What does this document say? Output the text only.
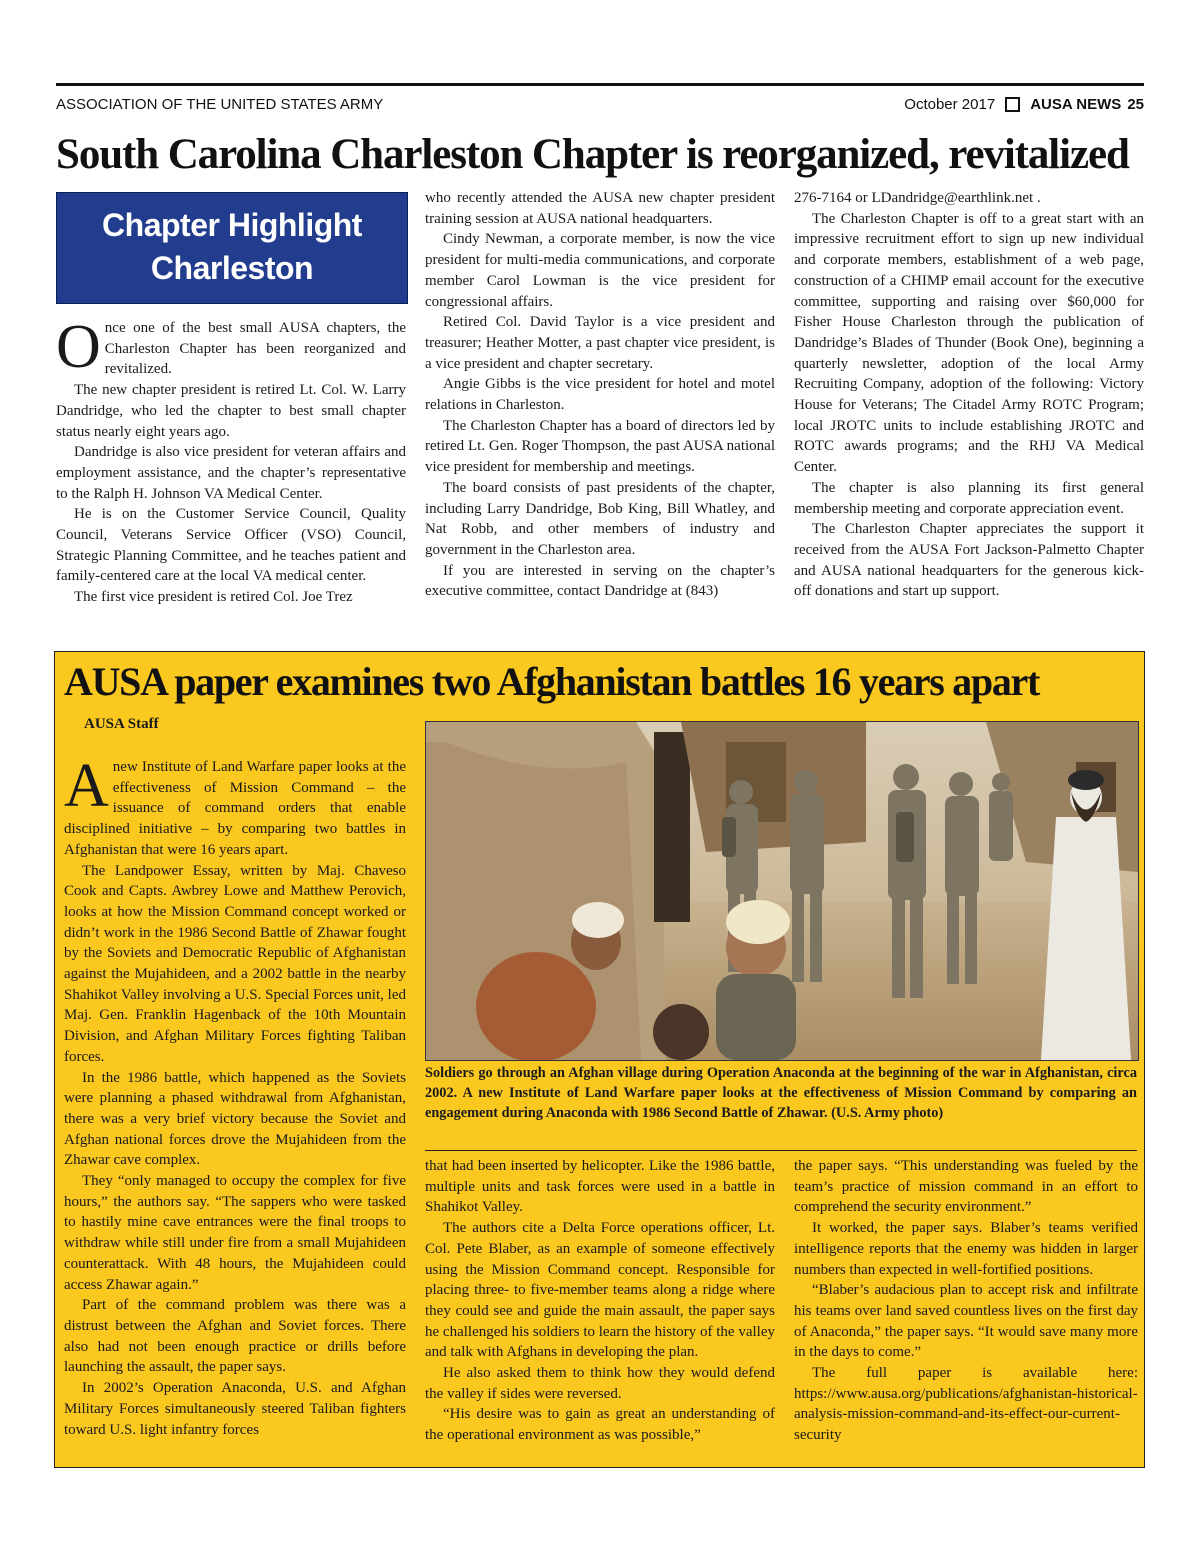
ASSOCIATION OF THE UNITED STATES ARMY	October 2017 AUSA NEWS 25
South Carolina Charleston Chapter is reorganized, revitalized
Chapter Highlight
Charleston

Once one of the best small AUSA chapters, the Charleston Chapter has been reorganized and revitalized.

The new chapter president is retired Lt. Col. W. Larry Dandridge, who led the chapter to best small chapter status nearly eight years ago.

Dandridge is also vice president for veteran affairs and employment assistance, and the chapter’s representative to the Ralph H. Johnson VA Medical Center.

He is on the Customer Service Council, Quality Council, Veterans Service Officer (VSO) Council, Strategic Planning Committee, and he teaches patient and family-centered care at the local VA medical center.

The first vice president is retired Col. Joe Trez

who recently attended the AUSA new chapter president training session at AUSA national headquarters.

Cindy Newman, a corporate member, is now the vice president for multi-media communications, and corporate member Carol Lowman is the vice president for congressional affairs.

Retired Col. David Taylor is a vice president and treasurer; Heather Motter, a past chapter vice president, is a vice president and chapter secretary.

Angie Gibbs is the vice president for hotel and motel relations in Charleston.

The Charleston Chapter has a board of directors led by retired Lt. Gen. Roger Thompson, the past AUSA national vice president for membership and meetings.

The board consists of past presidents of the chapter, including Larry Dandridge, Bob King, Bill Whatley, and Nat Robb, and other members of industry and government in the Charleston area.

If you are interested in serving on the chapter’s executive committee, contact Dandridge at (843)

276-7164 or LDandridge@earthlink.net .

The Charleston Chapter is off to a great start with an impressive recruitment effort to sign up new individual and corporate members, establishment of a web page, construction of a CHIMP email account for the executive committee, supporting and raising over $60,000 for Fisher House Charleston through the publication of Dandridge’s Blades of Thunder (Book One), beginning a quarterly newsletter, adoption of the local Army Recruiting Company, adoption of the following: Victory House for Veterans; The Citadel Army ROTC Program; local JROTC units to include establishing JROTC and ROTC awards programs; and the RHJ VA Medical Center.

The chapter is also planning its first general membership meeting and corporate appreciation event.

The Charleston Chapter appreciates the support it received from the AUSA Fort Jackson-Palmetto Chapter and AUSA national headquarters for the generous kick-off donations and start up support.

AUSA paper examines two Afghanistan battles 16 years apart
AUSA Staff

Anew Institute of Land Warfare paper looks at the effectiveness of Mission Command – the issuance of command orders that enable disciplined initiative – by comparing two battles in Afghanistan that were 16 years apart.

The Landpower Essay, written by Maj. Chaveso Cook and Capts. Awbrey Lowe and Matthew Perovich, looks at how the Mission Command concept worked or didn’t work in the 1986 Second Battle of Zhawar fought by the Soviets and Democratic Republic of Afghanistan against the Mujahideen, and a 2002 battle in the nearby Shahikot Valley involving a U.S. Special Forces unit, led Maj. Gen. Franklin Hagenback of the 10th Mountain Division, and Afghan Military Forces fighting Taliban forces.

In the 1986 battle, which happened as the Soviets were planning a phased withdrawal from Afghanistan, there was a very brief victory because the Soviet and Afghan national forces drove the Mujahideen from the Zhawar cave complex.

They “only managed to occupy the complex for five hours,” the authors say. “The sappers who were tasked to hastily mine cave entrances were the final troops to withdraw while still under fire from a small Mujahideen counterattack. With 48 hours, the Mujahideen could access Zhawar again.”

Part of the command problem was there was a distrust between the Afghan and Soviet forces. There also had not been enough practice or drills before launching the assault, the paper says.

In 2002’s Operation Anaconda, U.S. and Afghan Military Forces simultaneously steered Taliban fighters toward U.S. light infantry forces

Soldiers go through an Afghan village during Operation Anaconda at the beginning of the war in Afghanistan, circa 2002. A new Institute of Land Warfare paper looks at the effectiveness of Mission Command by comparing an engagement during Anaconda with 1986 Second Battle of Zhawar. (U.S. Army photo)

that had been inserted by helicopter. Like the 1986 battle, multiple units and task forces were used in a battle in Shahikot Valley.

The authors cite a Delta Force operations officer, Lt. Col. Pete Blaber, as an example of someone effectively using the Mission Command concept. Responsible for placing three- to five-member teams along a ridge where they could see and guide the main assault, the paper says he challenged his soldiers to learn the history of the valley and talk with Afghans in developing the plan.

He also asked them to think how they would defend the valley if sides were reversed.

“His desire was to gain as great an understanding of the operational environment as was possible,”

the paper says. “This understanding was fueled by the team’s practice of mission command in an effort to comprehend the security environment.”

It worked, the paper says. Blaber’s teams verified intelligence reports that the enemy was hidden in larger numbers than expected in well-fortified positions.

“Blaber’s audacious plan to accept risk and infiltrate his teams over land saved countless lives on the first day of Anaconda,” the paper says. “It would save many more in the days to come.”

The full paper is available here: https://www.ausa.org/publications/afghanistan-historical-analysis-mission-command-and-its-effect-our-current-security
